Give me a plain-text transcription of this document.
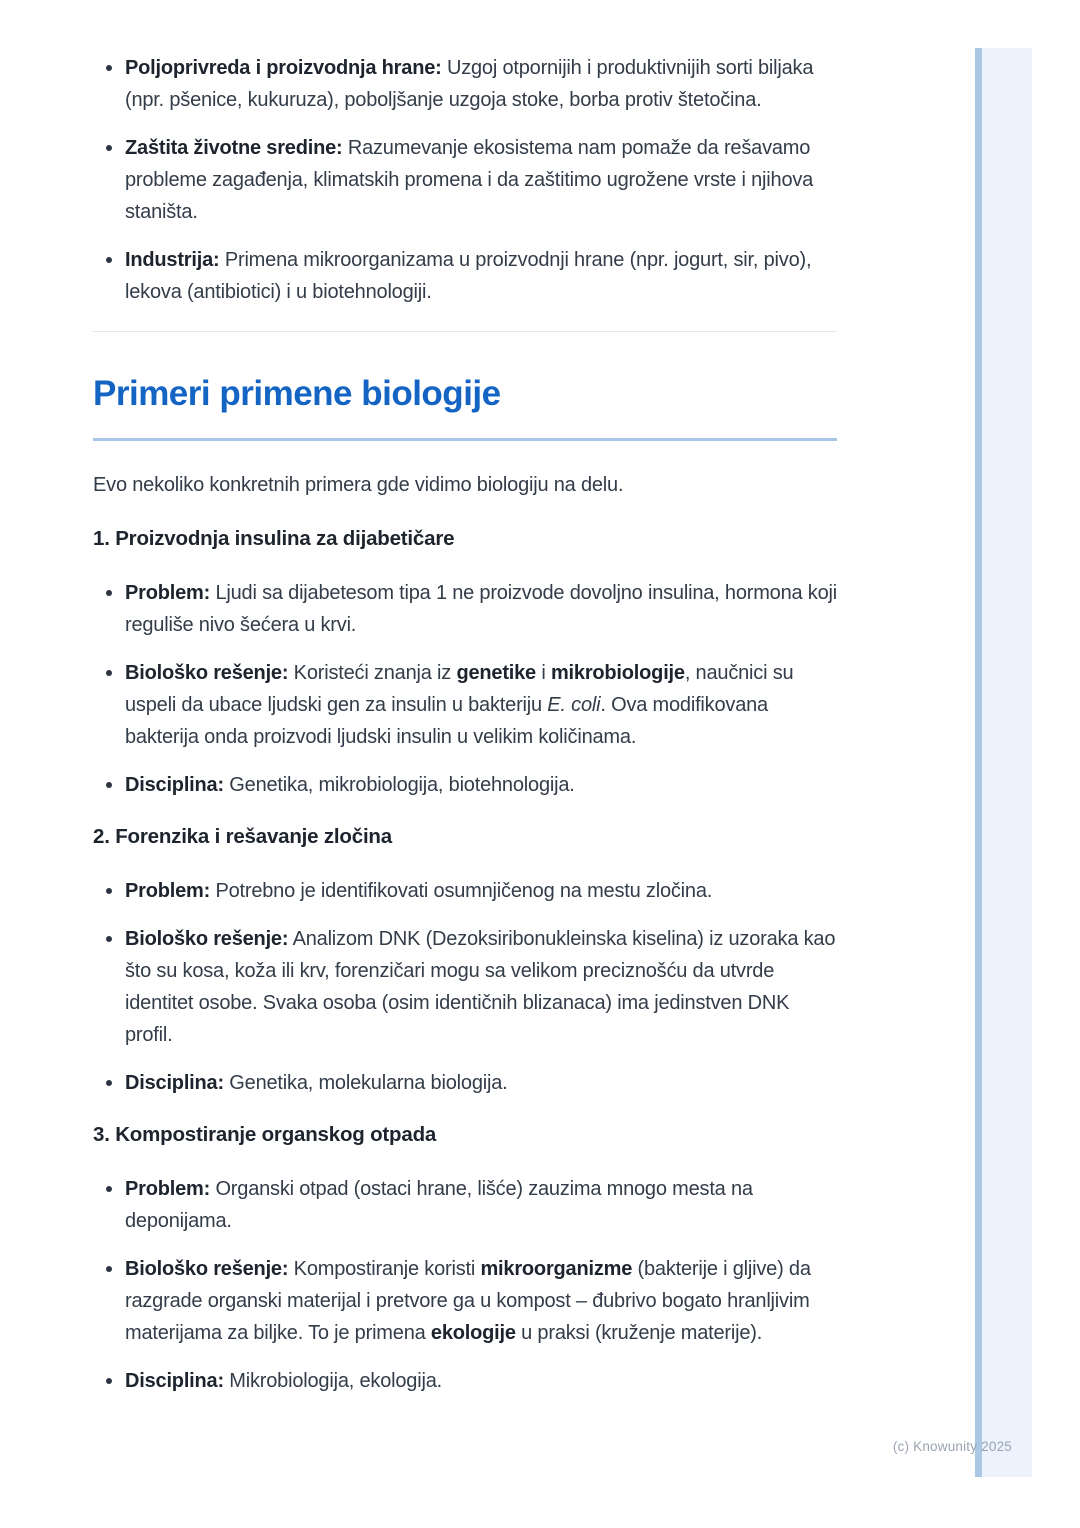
(c) Knowunity 2025
Poljoprivreda i proizvodnja hrane: Uzgoj otpornijih i produktivnijih sorti biljaka (npr. pšenice, kukuruza), poboljšanje uzgoja stoke, borba protiv štetočina.
Zaštita životne sredine: Razumevanje ekosistema nam pomaže da rešavamo probleme zagađenja, klimatskih promena i da zaštitimo ugrožene vrste i njihova staništa.
Industrija: Primena mikroorganizama u proizvodnji hrane (npr. jogurt, sir, pivo), lekova (antibiotici) i u biotehnologiji.
Primeri primene biologije

Evo nekoliko konkretnih primera gde vidimo biologiju na delu.

1. Proizvodnja insulina za dijabetičare
Problem: Ljudi sa dijabetesom tipa 1 ne proizvode dovoljno insulina, hormona koji reguliše nivo šećera u krvi.
Biološko rešenje: Koristeći znanja iz genetike i mikrobiologije, naučnici su uspeli da ubace ljudski gen za insulin u bakteriju E. coli. Ova modifikovana bakterija onda proizvodi ljudski insulin u velikim količinama.
Disciplina: Genetika, mikrobiologija, biotehnologija.
2. Forenzika i rešavanje zločina
Problem: Potrebno je identifikovati osumnjičenog na mestu zločina.
Biološko rešenje: Analizom DNK (Dezoksiribonukleinska kiselina) iz uzoraka kao što su kosa, koža ili krv, forenzičari mogu sa velikom preciznošću da utvrde identitet osobe. Svaka osoba (osim identičnih blizanaca) ima jedinstven DNK profil.
Disciplina: Genetika, molekularna biologija.
3. Kompostiranje organskog otpada
Problem: Organski otpad (ostaci hrane, lišće) zauzima mnogo mesta na deponijama.
Biološko rešenje: Kompostiranje koristi mikroorganizme (bakterije i gljive) da razgrade organski materijal i pretvore ga u kompost – đubrivo bogato hranljivim materijama za biljke. To je primena ekologije u praksi (kruženje materije).
Disciplina: Mikrobiologija, ekologija.
